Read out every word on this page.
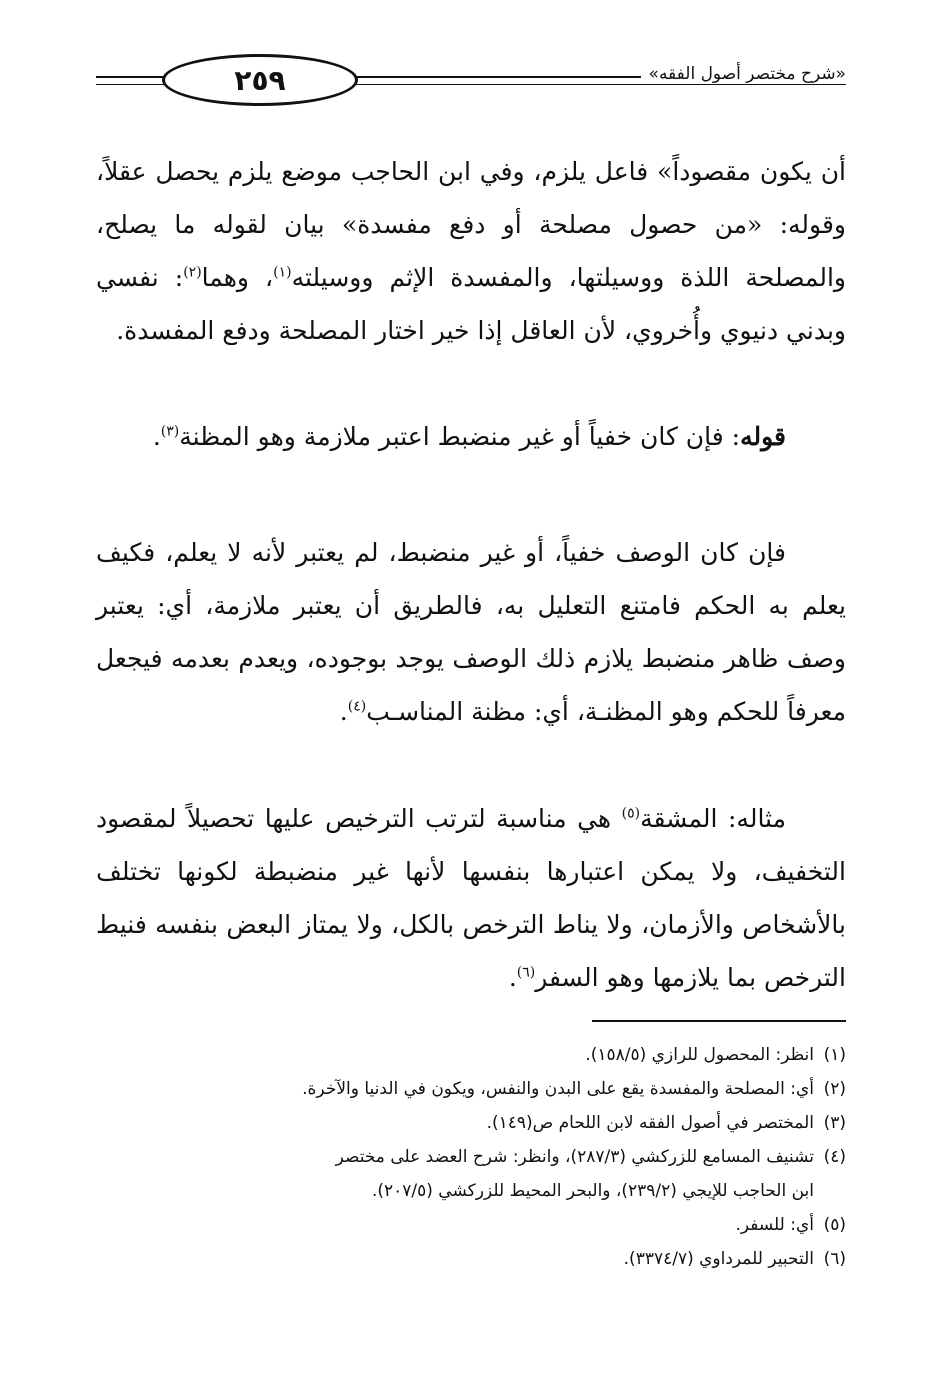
٢٥٩	«شرح مختصر أصول الفقه»

أن يكون مقصوداً» فاعل يلزم، وفي ابن الحاجب موضع يلزم يحصل عقلاً، وقوله: «من حصول مصلحة أو دفع مفسدة» بيان لقوله ما يصلح، والمصلحة اللذة ووسيلتها، والمفسدة الإثم ووسيلته$^{(١)}$، وهما$^{(٢)}$: نفسي وبدني دنيوي وأُخروي، لأن العاقل إذا خير اختار المصلحة ودفع المفسدة.

قوله: فإن كان خفياً أو غير منضبط اعتبر ملازمة وهو المظنة$^{(٣)}$.

فإن كان الوصف خفياً، أو غير منضبط، لم يعتبر لأنه لا يعلم، فكيف يعلم به الحكم فامتنع التعليل به، فالطريق أن يعتبر ملازمة، أي: يعتبر وصف ظاهر منضبط يلازم ذلك الوصف يوجد بوجوده، ويعدم بعدمه فيجعل معرفاً للحكم وهو المظنـة، أي: مظنة المناسـب$^{(٤)}$.

مثاله: المشقة$^{(٥)}$ هي مناسبة لترتب الترخيص عليها تحصيلاً لمقصود التخفيف، ولا يمكن اعتبارها بنفسها لأنها غير منضبطة لكونها تختلف بالأشخاص والأزمان، ولا يناط الترخص بالكل، ولا يمتاز البعض بنفسه فنيط الترخص بما يلازمها وهو السفر$^{(٦)}$.

(١)انظر: المحصول للرازي (١٥٨/٥).

(٢)أي: المصلحة والمفسدة يقع على البدن والنفس، ويكون في الدنيا والآخرة.

(٣)المختصر في أصول الفقه لابن اللحام ص(١٤٩).

(٤)تشنيف المسامع للزركشي (٢٨٧/٣)، وانظر: شرح العضد على مختصر
ابن الحاجب للإيجي (٢٣٩/٢)، والبحر المحيط للزركشي (٢٠٧/٥).

(٥)أي: للسفر.

(٦)التحبير للمرداوي (٣٣٧٤/٧).
